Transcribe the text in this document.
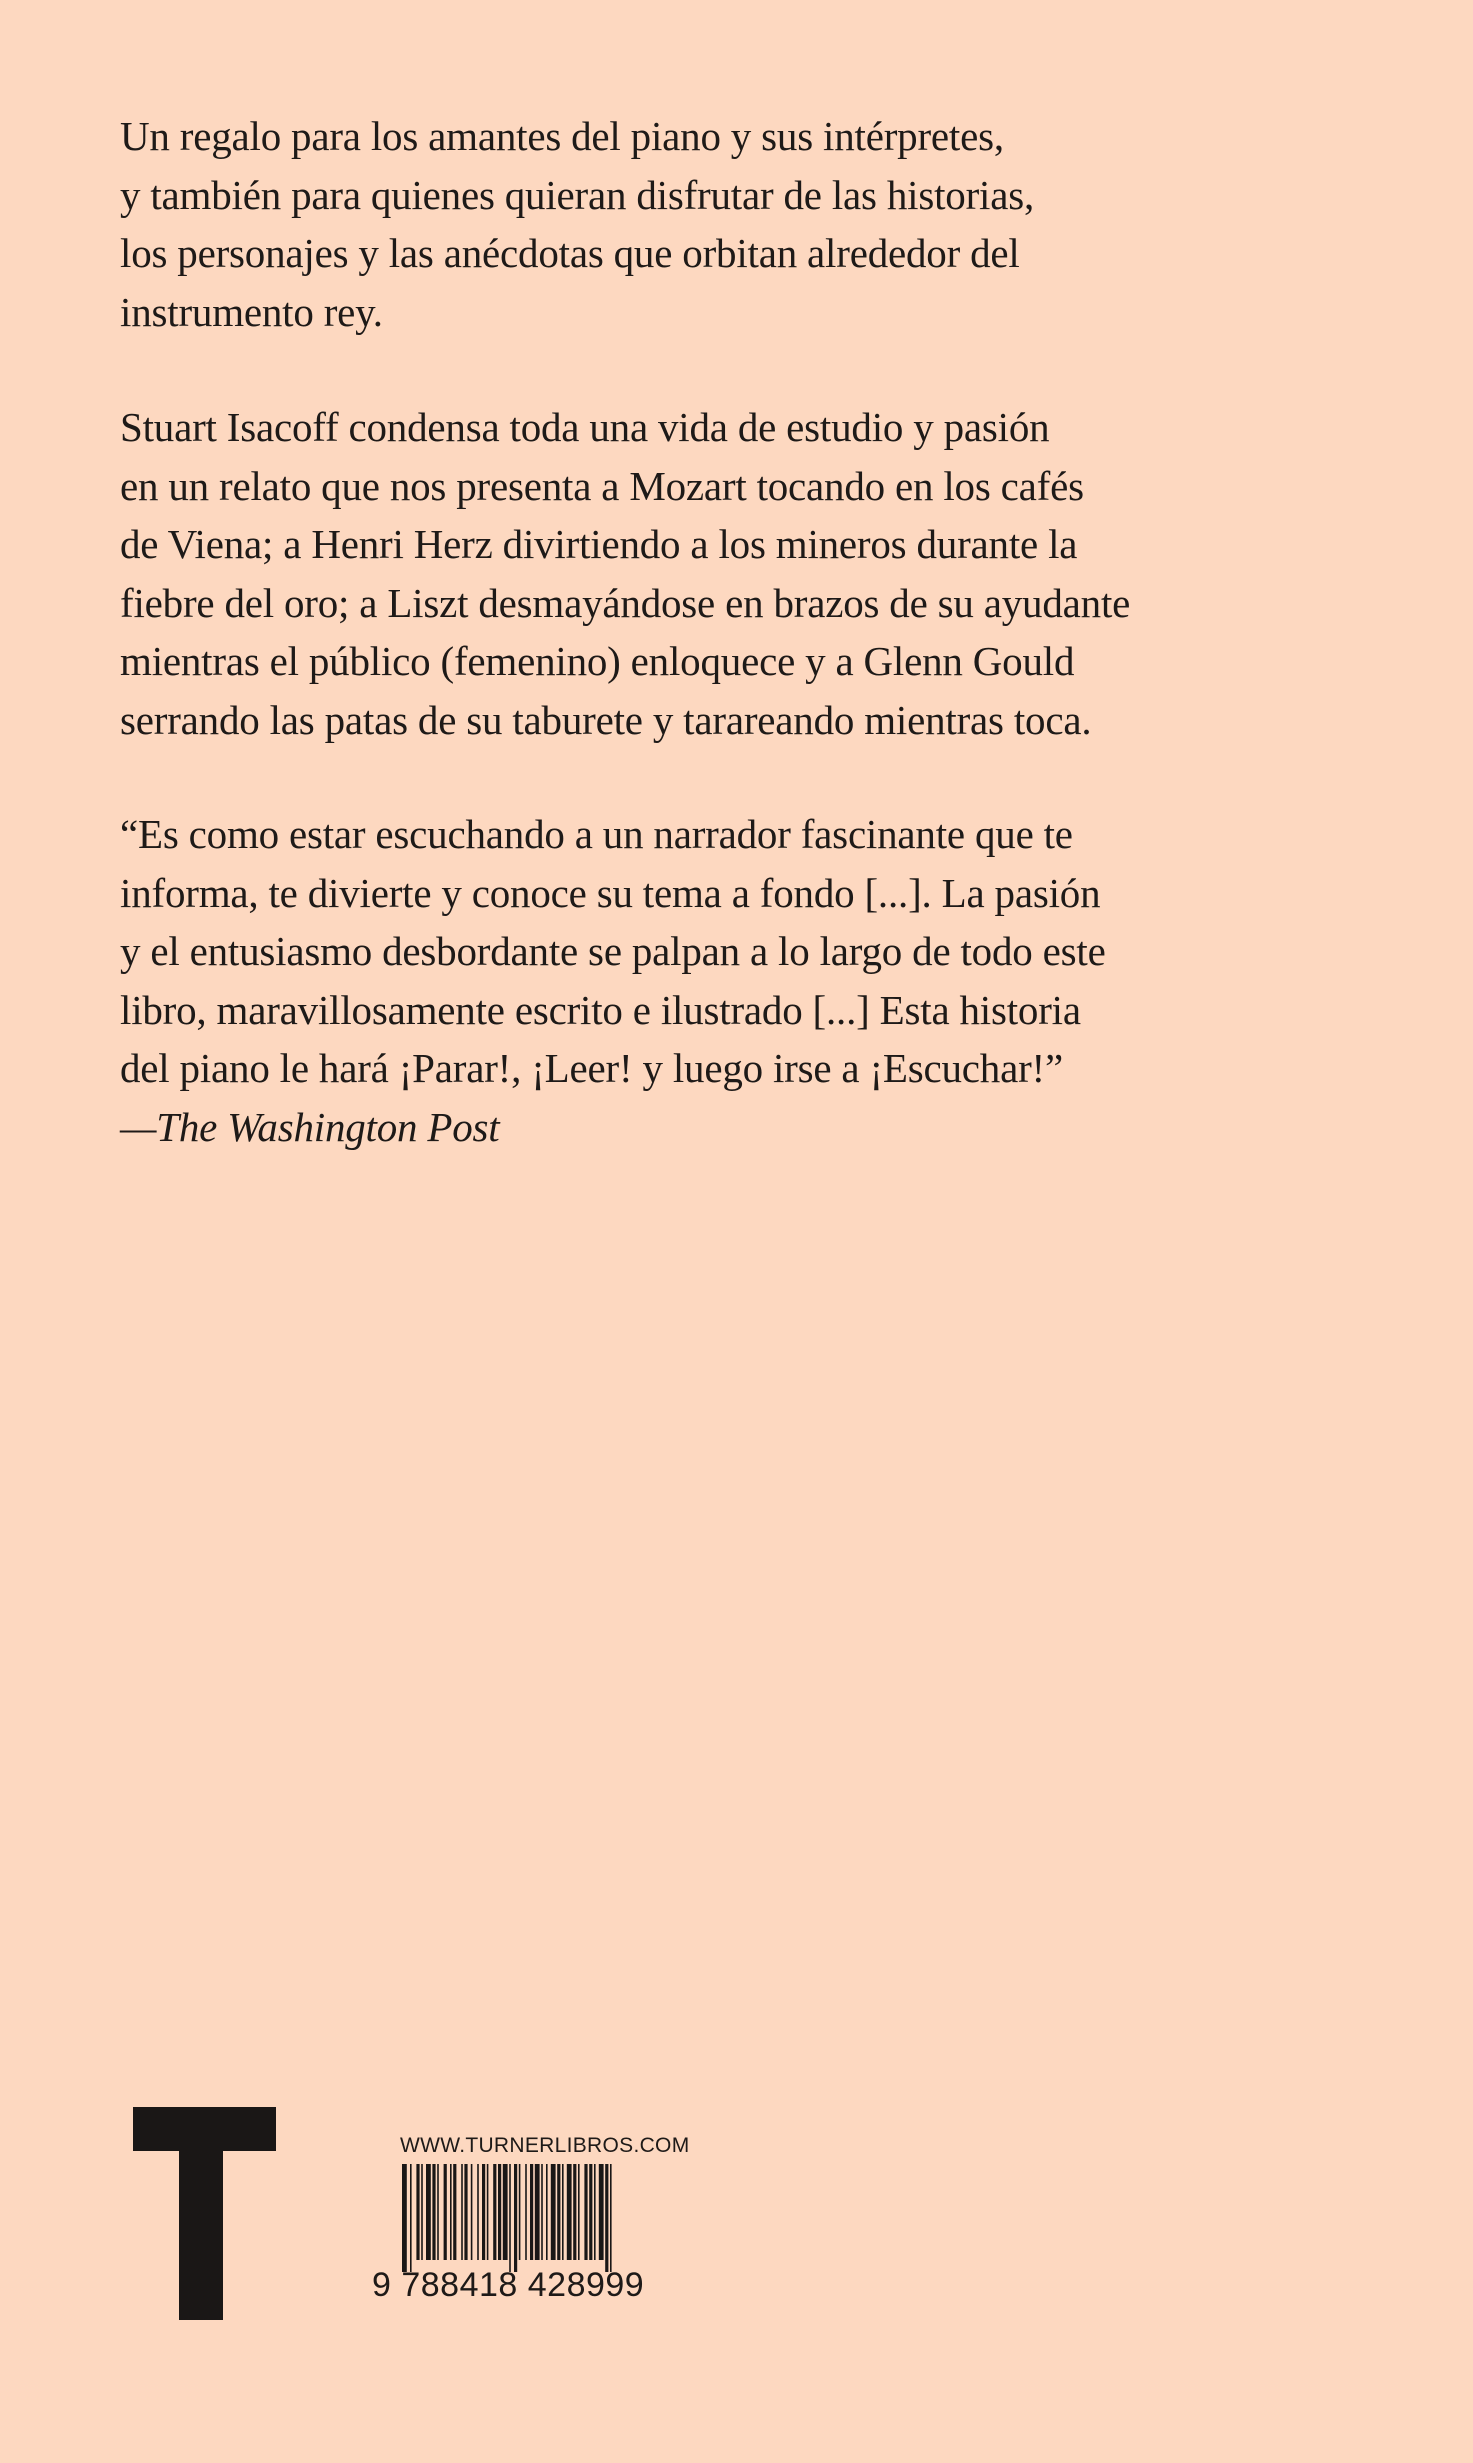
Un regalo para los amantes del piano y sus intérpretes,

y también para quienes quieran disfrutar de las historias,

los personajes y las anécdotas que orbitan alrededor del

instrumento rey.

Stuart Isacoff condensa toda una vida de estudio y pasión

en un relato que nos presenta a Mozart tocando en los cafés

de Viena; a Henri Herz divirtiendo a los mineros durante la

fiebre del oro; a Liszt desmayándose en brazos de su ayudante

mientras el público (femenino) enloquece y a Glenn Gould

serrando las patas de su taburete y tarareando mientras toca.

“Es como estar escuchando a un narrador fascinante que te

informa, te divierte y conoce su tema a fondo [...]. La pasión

y el entusiasmo desbordante se palpan a lo largo de todo este

libro, maravillosamente escrito e ilustrado [...] Esta historia

del piano le hará ¡Parar!, ¡Leer! y luego irse a ¡Escuchar!”

—The Washington Post

WWW.TURNERLIBROS.COM
9 788418 428999
